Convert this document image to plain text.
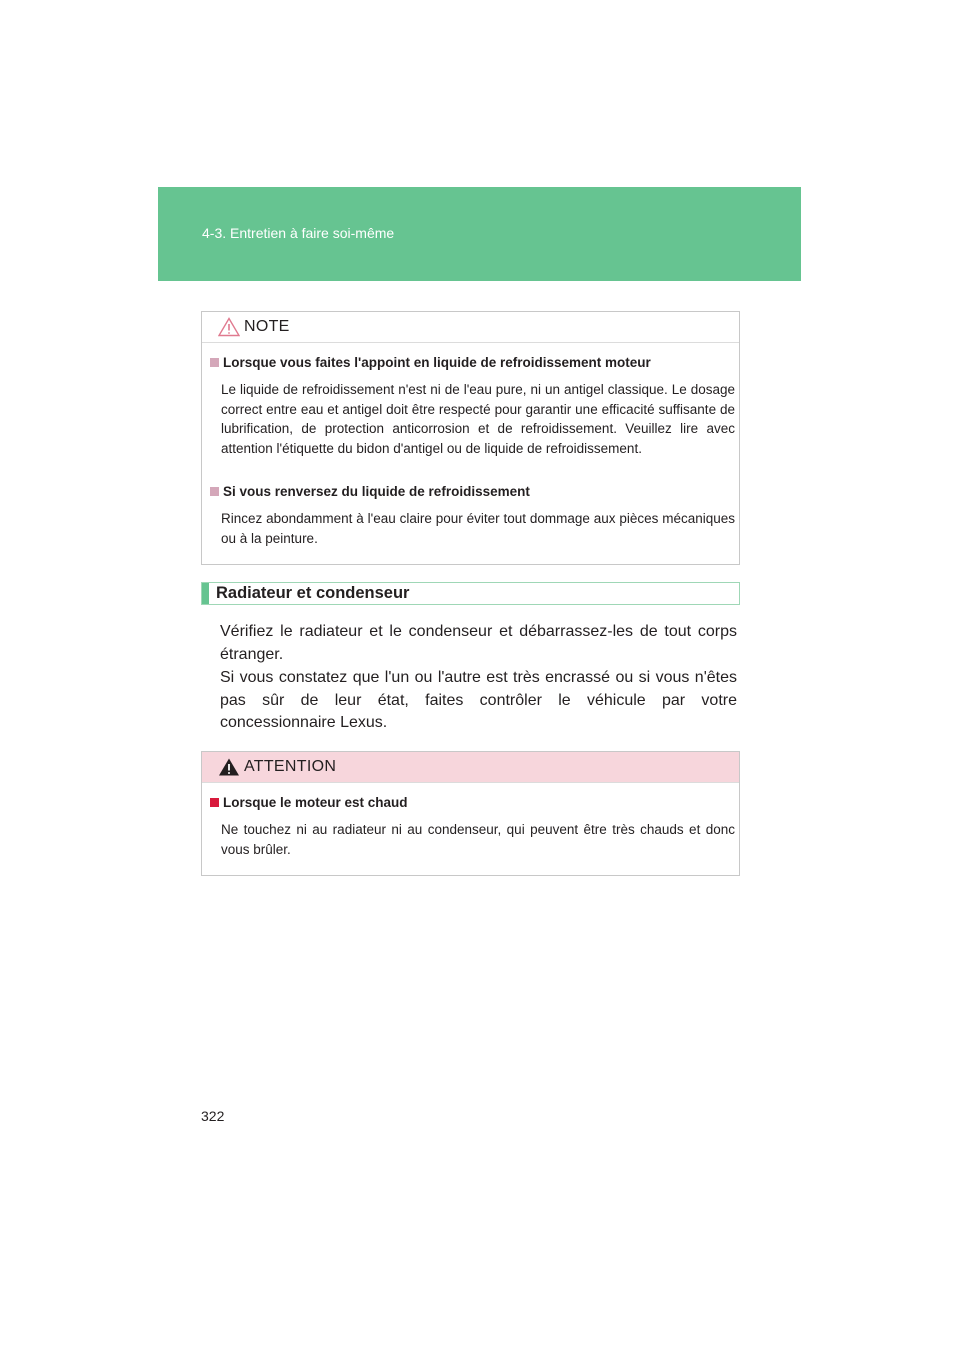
4-3. Entretien à faire soi-même
NOTE
Lorsque vous faites l'appoint en liquide de refroidissement moteur
Le liquide de refroidissement n'est ni de l'eau pure, ni un antigel classique. Le dosage correct entre eau et antigel doit être respecté pour garantir une efficacité suffisante de lubrification, de protection anticorrosion et de refroidissement. Veuillez lire avec attention l'étiquette du bidon d'antigel ou de liquide de refroidissement.
Si vous renversez du liquide de refroidissement
Rincez abondamment à l'eau claire pour éviter tout dommage aux pièces mécaniques ou à la peinture.
Radiateur et condenseur

Vérifiez le radiateur et le condenseur et débarrassez-les de tout corps étranger.

Si vous constatez que l'un ou l'autre est très encrassé ou si vous n'êtes pas sûr de leur état, faites contrôler le véhicule par votre concessionnaire Lexus.

ATTENTION
Lorsque le moteur est chaud
Ne touchez ni au radiateur ni au condenseur, qui peuvent être très chauds et donc vous brûler.
322
